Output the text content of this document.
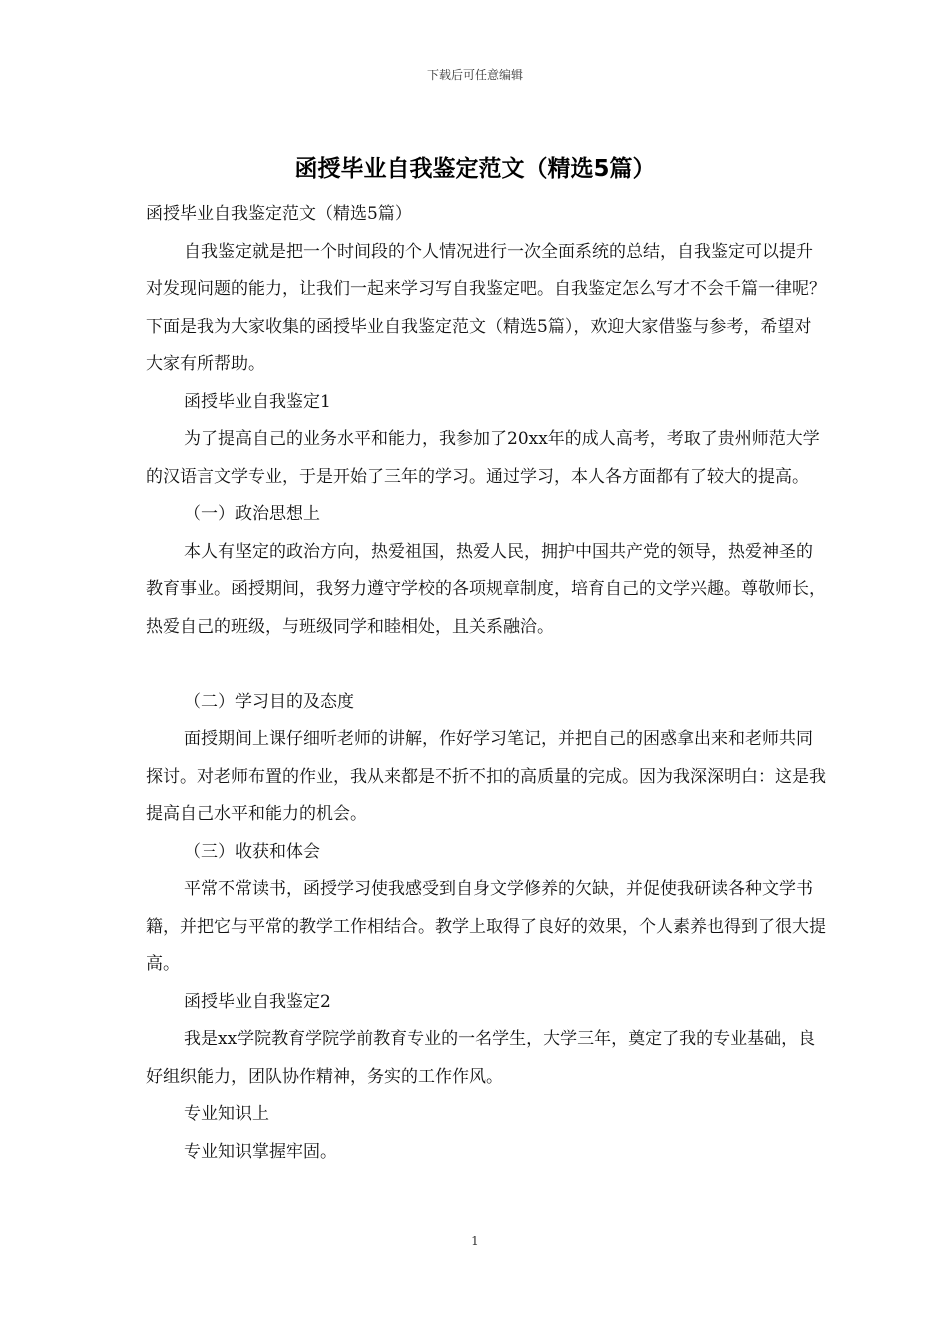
下载后可任意编辑
函授毕业自我鉴定范文（精选5篇）

函授毕业自我鉴定范文（精选5篇）

自我鉴定就是把一个时间段的个人情况进行一次全面系统的总结，自我鉴定可以提升对发现问题的能力，让我们一起来学习写自我鉴定吧。自我鉴定怎么写才不会千篇一律呢？下面是我为大家收集的函授毕业自我鉴定范文（精选5篇），欢迎大家借鉴与参考，希望对大家有所帮助。

函授毕业自我鉴定1

为了提高自己的业务水平和能力，我参加了20xx年的成人高考，考取了贵州师范大学的汉语言文学专业，于是开始了三年的学习。通过学习，本人各方面都有了较大的提高。

（一）政治思想上

本人有坚定的政治方向，热爱祖国，热爱人民，拥护中国共产党的领导，热爱神圣的教育事业。函授期间，我努力遵守学校的各项规章制度，培育自己的文学兴趣。尊敬师长，热爱自己的班级，与班级同学和睦相处，且关系融洽。

（二）学习目的及态度

面授期间上课仔细听老师的讲解，作好学习笔记，并把自己的困惑拿出来和老师共同探讨。对老师布置的作业，我从来都是不折不扣的高质量的完成。因为我深深明白：这是我提高自己水平和能力的机会。

（三）收获和体会

平常不常读书，函授学习使我感受到自身文学修养的欠缺，并促使我研读各种文学书籍，并把它与平常的教学工作相结合。教学上取得了良好的效果，个人素养也得到了很大提高。

函授毕业自我鉴定2

我是xx学院教育学院学前教育专业的一名学生，大学三年，奠定了我的专业基础，良好组织能力，团队协作精神，务实的工作作风。

专业知识上

专业知识掌握牢固。

1
